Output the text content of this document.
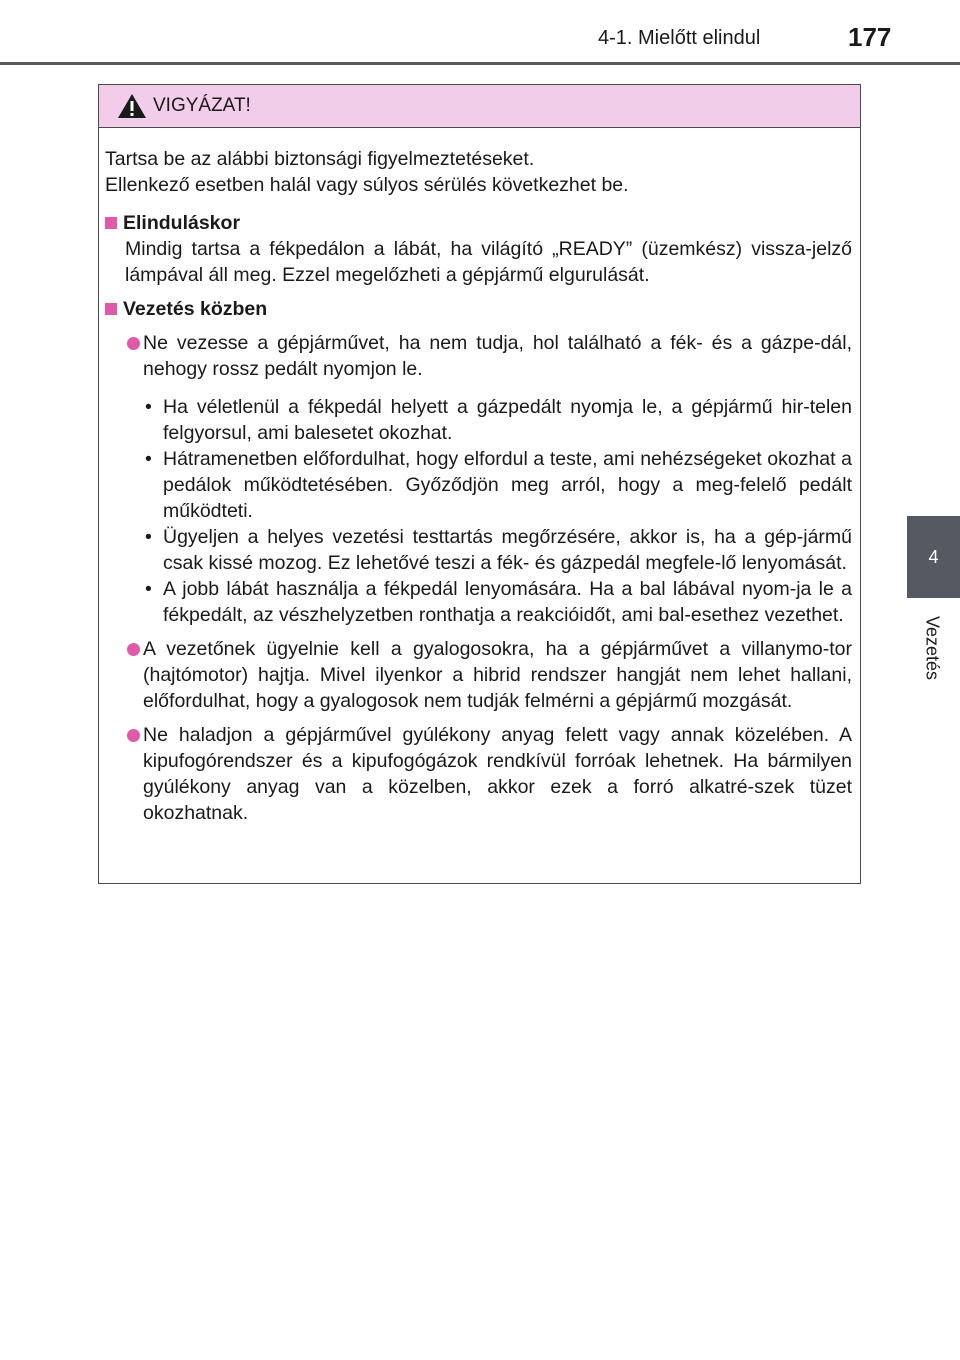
4-1. Mielőtt elindul	177
4
Vezetés
VIGYÁZAT!

Tartsa be az alábbi biztonsági figyelmeztetéseket.
Ellenkező esetben halál vagy súlyos sérülés következhet be.

Elinduláskor

Mindig tartsa a fékpedálon a lábát, ha világító „READY” (üzemkész) vissza-jelző lámpával áll meg. Ezzel megelőzheti a gépjármű elgurulását.

Vezetés közben

Ne vezesse a gépjárművet, ha nem tudja, hol található a fék- és a gázpe-dál, nehogy rossz pedált nyomjon le.

• Ha véletlenül a fékpedál helyett a gázpedált nyomja le, a gépjármű hir-telen felgyorsul, ami balesetet okozhat.

• Hátramenetben előfordulhat, hogy elfordul a teste, ami nehézségeket okozhat a pedálok működtetésében. Győződjön meg arról, hogy a meg-felelő pedált működteti.

• Ügyeljen a helyes vezetési testtartás megőrzésére, akkor is, ha a gép-jármű csak kissé mozog. Ez lehetővé teszi a fék- és gázpedál megfele-lő lenyomását.

• A jobb lábát használja a fékpedál lenyomására. Ha a bal lábával nyom-ja le a fékpedált, az vészhelyzetben ronthatja a reakcióidőt, ami bal-esethez vezethet.

A vezetőnek ügyelnie kell a gyalogosokra, ha a gépjárművet a villanymo-tor (hajtómotor) hajtja. Mivel ilyenkor a hibrid rendszer hangját nem lehet hallani, előfordulhat, hogy a gyalogosok nem tudják felmérni a gépjármű mozgását.

Ne haladjon a gépjárművel gyúlékony anyag felett vagy annak közelében. A kipufogórendszer és a kipufogógázok rendkívül forróak lehetnek. Ha bármilyen gyúlékony anyag van a közelben, akkor ezek a forró alkatré-szek tüzet okozhatnak.
